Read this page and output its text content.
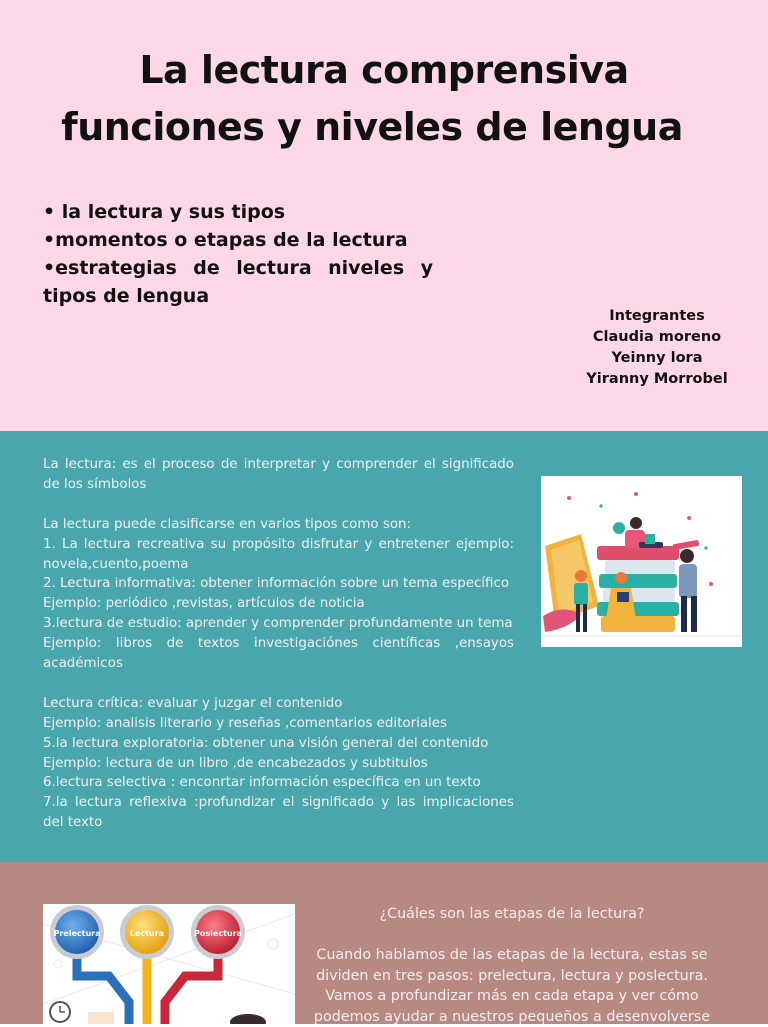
La lectura comprensiva
funciones y niveles de lengua
• la lectura y sus tipos
•momentos o etapas de la lectura
•estrategias de lectura niveles y
tipos de lengua
Integrantes
Claudia moreno
Yeinny lora
Yiranny Morrobel

La lectura: es el proceso de interpretar y comprender el significado de los símbolos

La lectura puede clasificarse en varios tipos como son:

1. La lectura recreativa su propósito disfrutar y entretener ejemplo: novela,cuento,poema

2. Lectura informativa: obtener información sobre un tema específico

Ejemplo: periódico ,revistas, artículos de noticia

3.lectura de estudio: aprender y comprender profundamente un tema

Ejemplo: libros de textos investigaciónes científicas ,ensayos académicos

Lectura crítica: evaluar y juzgar el contenido

Ejemplo: analisis literario y reseñas ,comentarios editoriales

5.la lectura exploratoria: obtener una visión general del contenido

Ejemplo: lectura de un libro ,de encabezados y subtitulos

6.lectura selectiva : enconrtar información específica en un texto

7.la lectura reflexiva :profundizar el significado y las implicaciones del texto

Prelectura	Lectura	Poslectura

¿Cuáles son las etapas de la lectura?

Cuando hablamos de las etapas de la lectura, estas se dividen en tres pasos: prelectura, lectura y poslectura. Vamos a profundizar más en cada etapa y ver cómo podemos ayudar a nuestros pequeños a desenvolverse
